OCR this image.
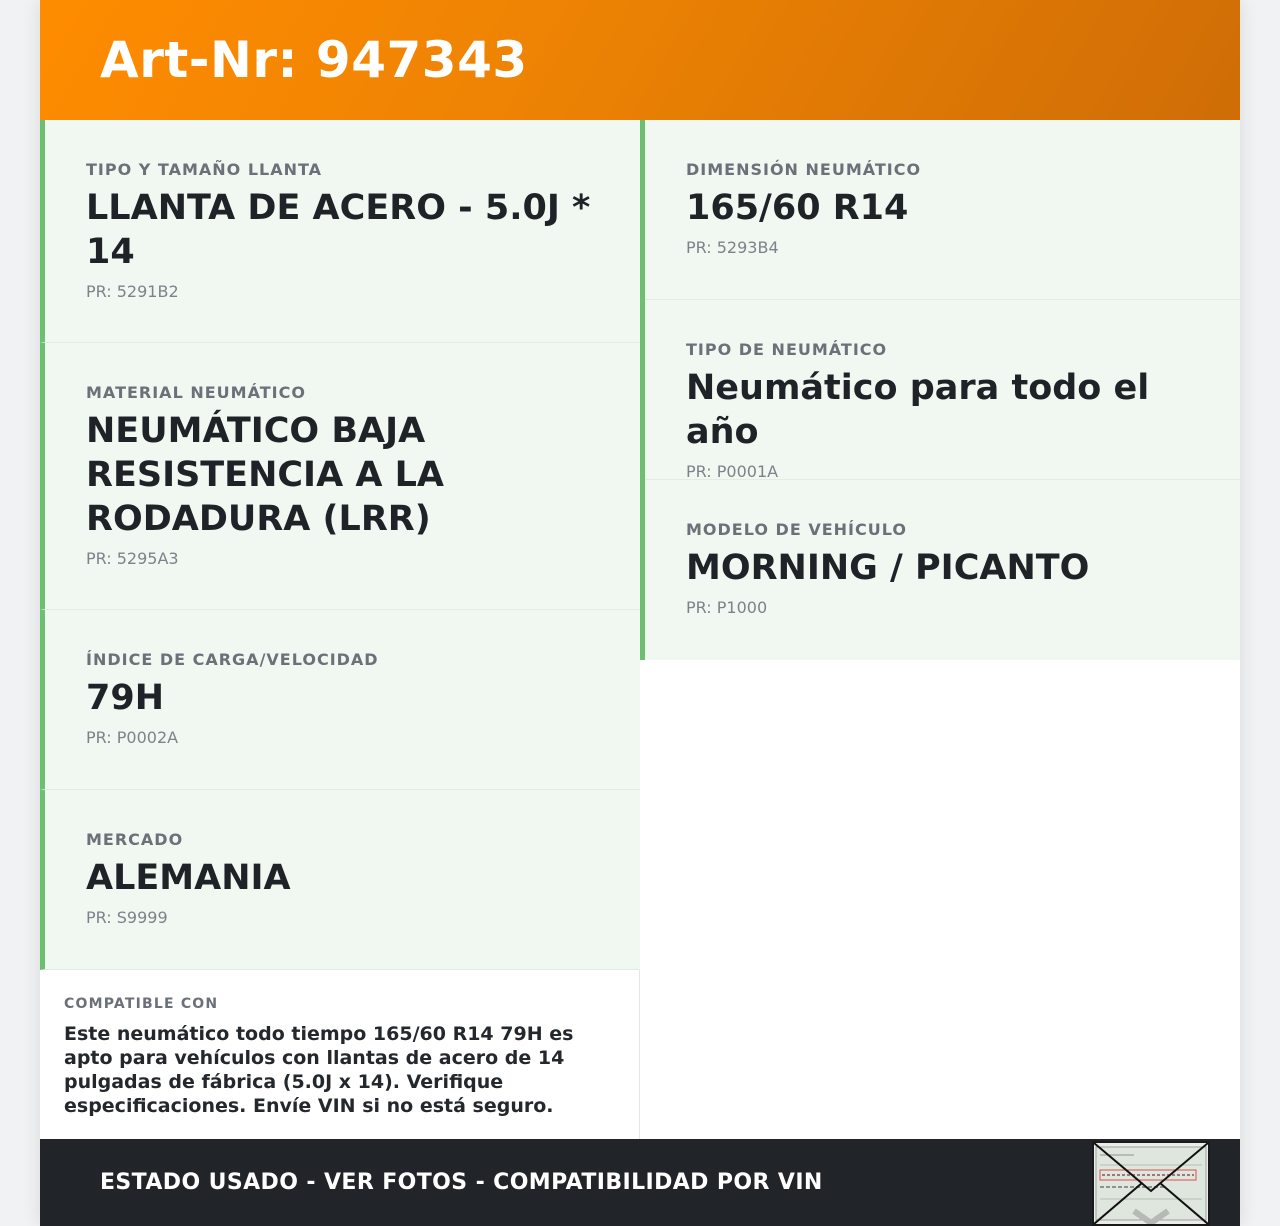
Art-Nr: 947343
TIPO Y TAMAÑO LLANTA
LLANTA DE ACERO - 5.0J * 14
PR: 5291B2
MATERIAL NEUMÁTICO
NEUMÁTICO BAJA RESISTENCIA A LA RODADURA (LRR)
PR: 5295A3
ÍNDICE DE CARGA/VELOCIDAD
79H
PR: P0002A
MERCADO
ALEMANIA
PR: S9999
DIMENSIÓN NEUMÁTICO
165/60 R14
PR: 5293B4
TIPO DE NEUMÁTICO
Neumático para todo el año
PR: P0001A
MODELO DE VEHÍCULO
MORNING / PICANTO
PR: P1000
COMPATIBLE CON
Este neumático todo tiempo 165/60 R14 79H es apto para vehículos con llantas de acero de 14 pulgadas de fábrica (5.0J x 14). Verifique especificaciones. Envíe VIN si no está seguro.
ESTADO USADO - VER FOTOS - COMPATIBILIDAD POR VIN
